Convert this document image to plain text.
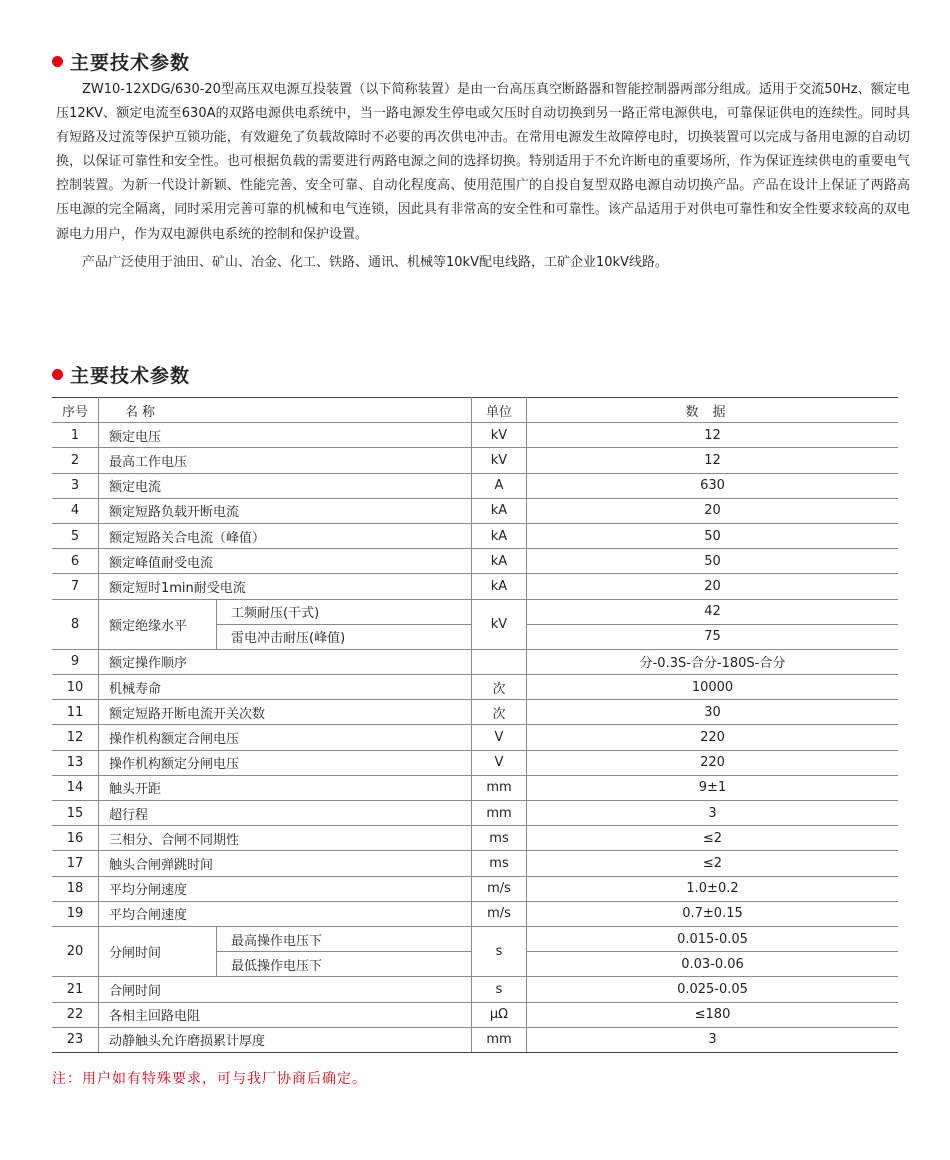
主要技术参数

ZW10-12XDG/630-20型高压双电源互投装置（以下简称装置）是由一台高压真空断路器和智能控制器两部分组成。适用于交流50Hz、额定电压12KV、额定电流至630A的双路电源供电系统中，当一路电源发生停电或欠压时自动切换到另一路正常电源供电，可靠保证供电的连续性。同时具有短路及过流等保护互锁功能，有效避免了负载故障时不必要的再次供电冲击。在常用电源发生故障停电时，切换装置可以完成与备用电源的自动切换，以保证可靠性和安全性。也可根据负载的需要进行两路电源之间的选择切换。特别适用于不允许断电的重要场所，作为保证连续供电的重要电气控制装置。为新一代设计新颖、性能完善、安全可靠、自动化程度高、使用范围广的自投自复型双路电源自动切换产品。产品在设计上保证了两路高压电源的完全隔离，同时采用完善可靠的机械和电气连锁，因此具有非常高的安全性和可靠性。该产品适用于对供电可靠性和安全性要求较高的双电源电力用户，作为双电源供电系统的控制和保护设置。

产品广泛使用于油田、矿山、冶金、化工、铁路、通讯、机械等10kV配电线路，工矿企业10kV线路。

主要技术参数
序号	名称		单位	数据
1	额定电压		kV	12
2	最高工作电压		kV	12
3	额定电流		A	630
4	额定短路负载开断电流		kA	20
5	额定短路关合电流（峰值）		kA	50
6	额定峰值耐受电流		kA	50
7	额定短时1min耐受电流		kA	20
8	额定绝缘水平	工频耐压(干式)	kV	42
		雷电冲击耐压(峰值)		75
9	额定操作顺序			分-0.3S-合分-180S-合分
10	机械寿命		次	10000
11	额定短路开断电流开关次数		次	30
12	操作机构额定合闸电压		V	220
13	操作机构额定分闸电压		V	220
14	触头开距		mm	9±1
15	超行程		mm	3
16	三相分、合闸不同期性		ms	≤2
17	触头合闸弹跳时间		ms	≤2
18	平均分闸速度		m/s	1.0±0.2
19	平均合闸速度		m/s	0.7±0.15
20	分闸时间	最高操作电压下	s	0.015-0.05
		最低操作电压下		0.03-0.06
21	合闸时间		s	0.025-0.05
22	各相主回路电阻		μΩ	≤180
23	动静触头允许磨损累计厚度		mm	3
注：用户如有特殊要求，可与我厂协商后确定。
